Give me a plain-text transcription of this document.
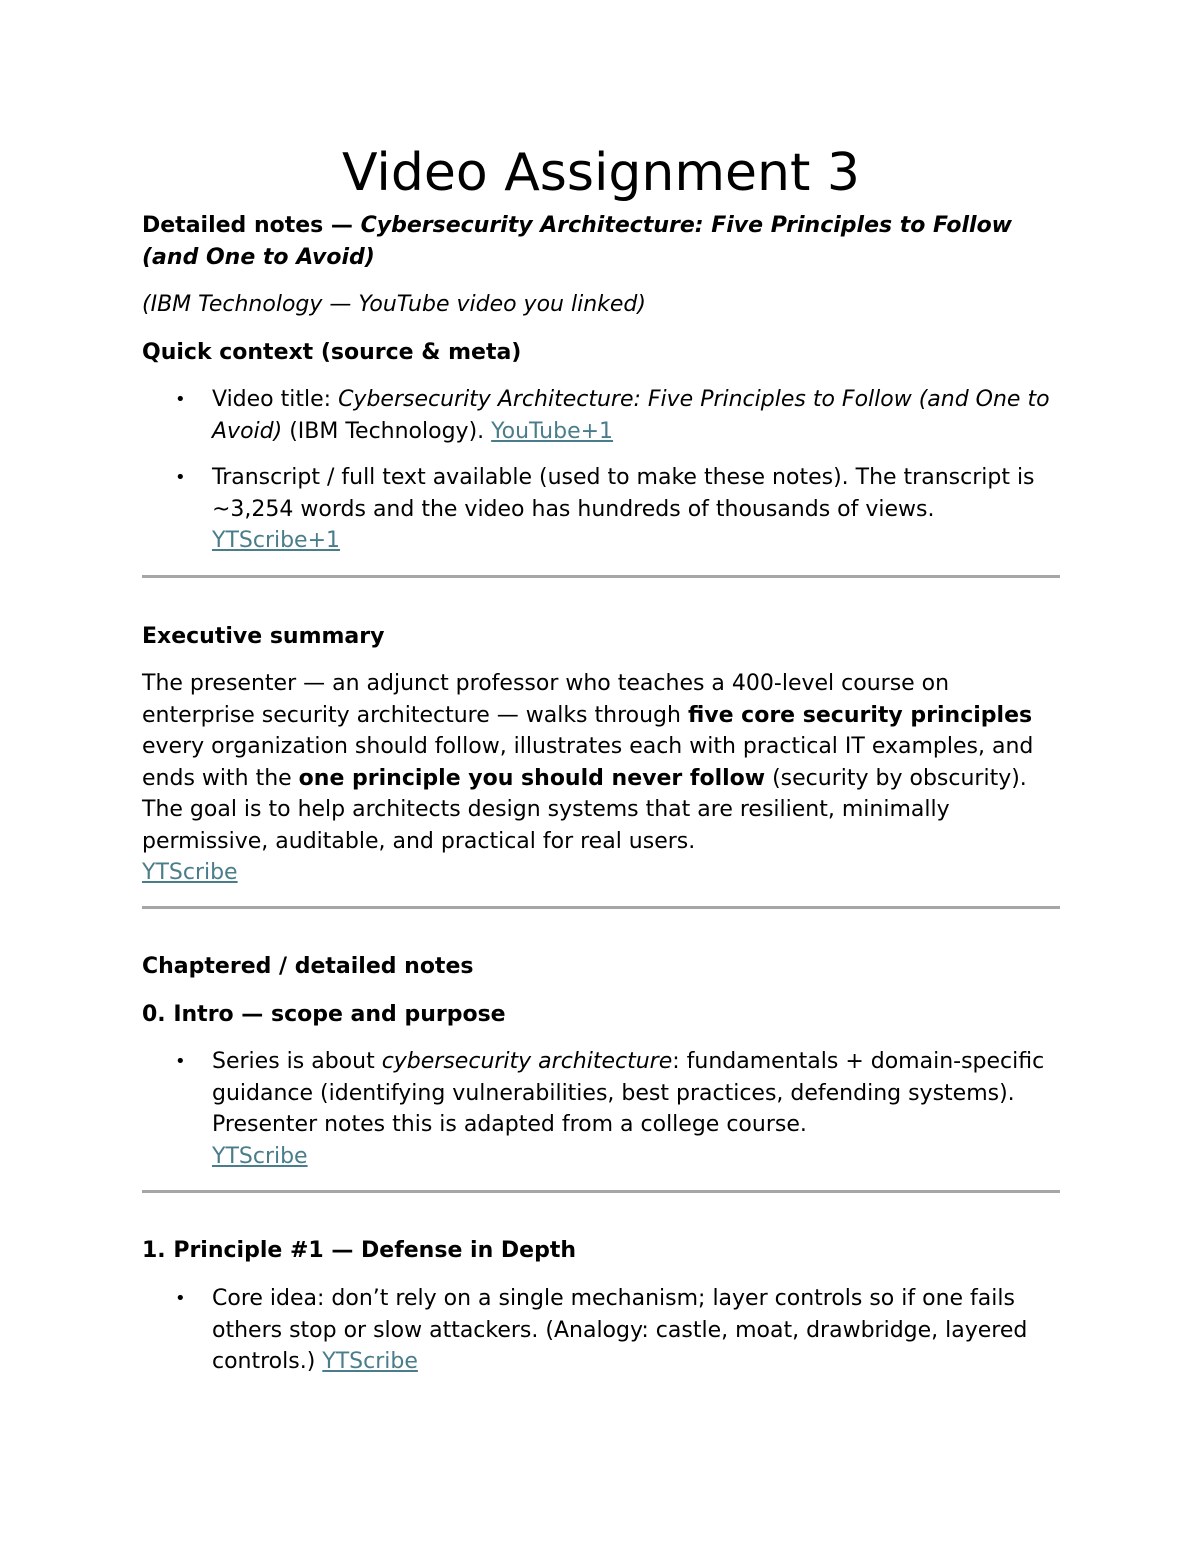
Video Assignment 3
Detailed notes — Cybersecurity Architecture: Five Principles to Follow (and One to Avoid)
(IBM Technology — YouTube video you linked)
Quick context (source & meta)
• Video title: Cybersecurity Architecture: Five Principles to Follow (and One to Avoid) (IBM Technology). YouTube+1
• Transcript / full text available (used to make these notes). The transcript is ~3,254 words and the video has hundreds of thousands of views. YTScribe+1
Executive summary
The presenter — an adjunct professor who teaches a 400-level course on enterprise security architecture — walks through five core security principles every organization should follow, illustrates each with practical IT examples, and ends with the one principle you should never follow (security by obscurity). The goal is to help architects design systems that are resilient, minimally permissive, auditable, and practical for real users.
YTScribe
Chaptered / detailed notes
0. Intro — scope and purpose
• Series is about cybersecurity architecture: fundamentals + domain-specific guidance (identifying vulnerabilities, best practices, defending systems). Presenter notes this is adapted from a college course.
YTScribe
1. Principle #1 — Defense in Depth
• Core idea: don’t rely on a single mechanism; layer controls so if one fails others stop or slow attackers. (Analogy: castle, moat, drawbridge, layered controls.) YTScribe
